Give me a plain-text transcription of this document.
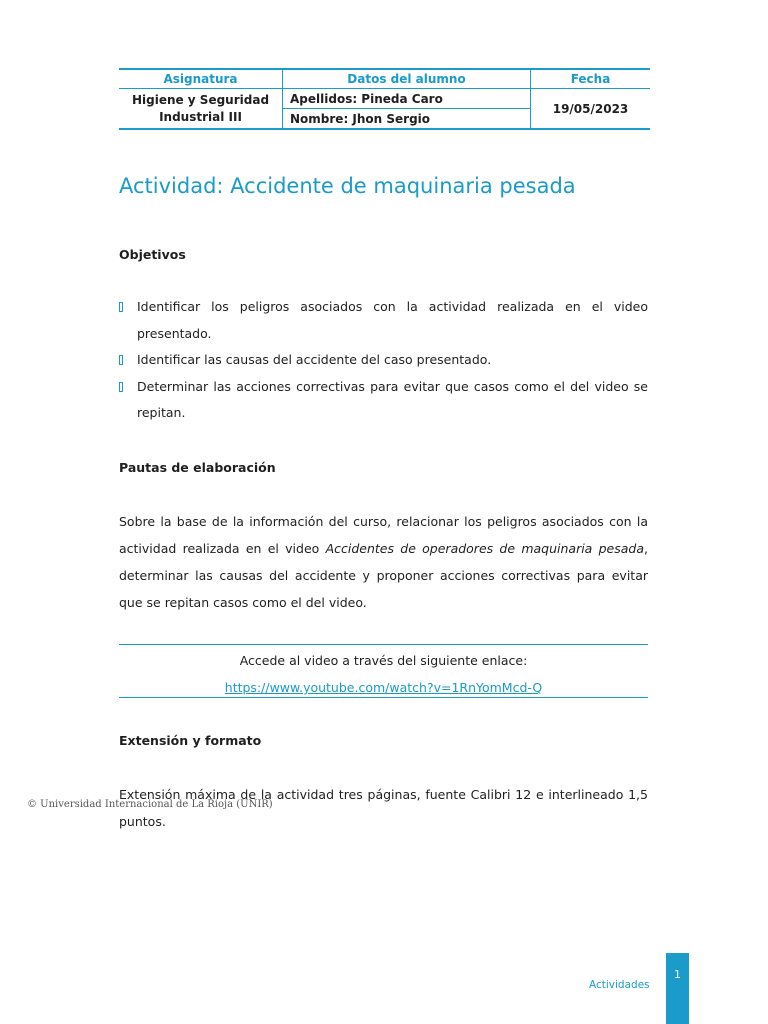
Asignatura	Datos del alumno	Fecha
Higiene y Seguridad
Industrial III	Apellidos: Pineda Caro	19/05/2023
	Nombre: Jhon Sergio	
Actividad: Accidente de maquinaria pesada
Objetivos
Identificar los peligros asociados con la actividad realizada en el video presentado.
Identificar las causas del accidente del caso presentado.
Determinar las acciones correctivas para evitar que casos como el del video se repitan.
Pautas de elaboración

Sobre la base de la información del curso, relacionar los peligros asociados con la actividad realizada en el video Accidentes de operadores de maquinaria pesada, determinar las causas del accidente y proponer acciones correctivas para evitar que se repitan casos como el del video.

Accede al video a través del siguiente enlace:
https://www.youtube.com/watch?v=1RnYomMcd-Q
Extensión y formato

Extensión máxima de la actividad tres páginas, fuente Calibri 12 e interlineado 1,5 puntos.

© Universidad Internacional de La Rioja (UNIR)
Actividades
1
